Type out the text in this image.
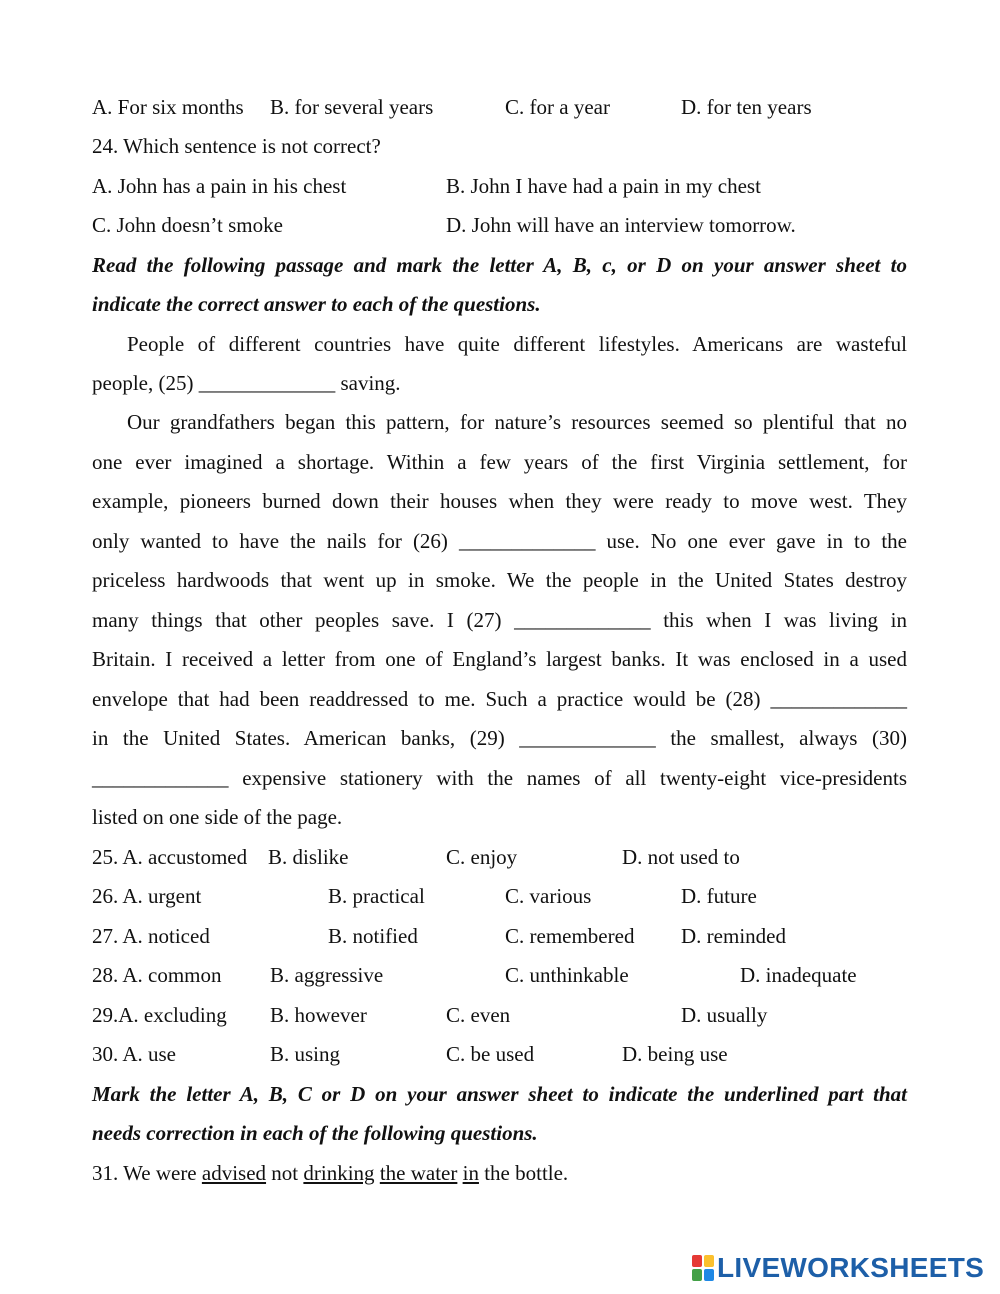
A. For six months B. for several years	C. for a year	D. for ten years
24. Which sentence is not correct?
A. John has a pain in his chest	B. John I have had a pain in my chest
C. John doesn’t smoke	D. John will have an interview tomorrow.
Read the following passage and mark the letter A, B, c, or D on your answer sheet to
indicate the correct answer to each of the questions.
People of different countries have quite different lifestyles. Americans are wasteful
people, (25) _____________ saving.
Our grandfathers began this pattern, for nature’s resources seemed so plentiful that no
one ever imagined a shortage. Within a few years of the first Virginia settlement, for
example, pioneers burned down their houses when they were ready to move west. They
only wanted to have the nails for (26) _____________ use. No one ever gave in to the
priceless hardwoods that went up in smoke. We the people in the United States destroy
many things that other peoples save. I (27) _____________ this when I was living in
Britain. I received a letter from one of England’s largest banks. It was enclosed in a used
envelope that had been readdressed to me. Such a practice would be (28) _____________
in the United States. American banks, (29) _____________ the smallest, always (30)
_____________ expensive stationery with the names of all twenty-eight vice-presidents
listed on one side of the page.
25. A. accustomed B. dislike	C. enjoy	D. not used to
26. A. urgent	B. practical	C. various	D. future
27. A. noticed	B. notified	C. remembered D. reminded
28. A. common B. aggressive	C. unthinkable	D. inadequate
29.A. excluding B. however	C. even	D. usually
30. A. use	B. using	C. be used	D. being use
Mark the letter A, B, C or D on your answer sheet to indicate the underlined part that
needs correction in each of the following questions.
31. We were advised not drinking the water in the bottle.
LIVEWORKSHEETS
